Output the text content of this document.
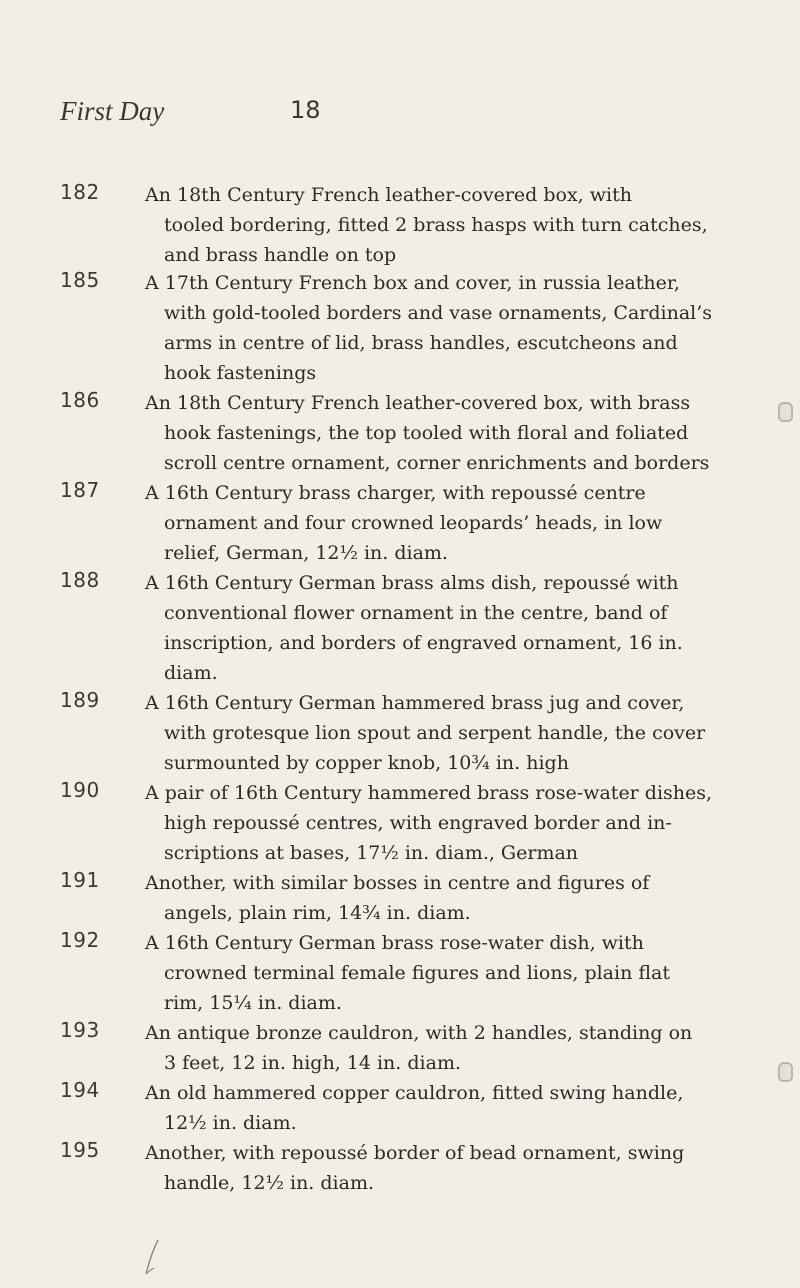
First Day	18
182 An 18th Century French leather-covered box, with
tooled bordering, fitted 2 brass hasps with turn catches,
and brass handle on top
185 A 17th Century French box and cover, in russia leather,
with gold-tooled borders and vase ornaments, Cardinal’s
arms in centre of lid, brass handles, escutcheons and
hook fastenings
186 An 18th Century French leather-covered box, with brass
hook fastenings, the top tooled with floral and foliated
scroll centre ornament, corner enrichments and borders
187 A 16th Century brass charger, with repoussé centre
ornament and four crowned leopards’ heads, in low
relief, German, 12½ in. diam.
188 A 16th Century German brass alms dish, repoussé with
conventional flower ornament in the centre, band of
inscription, and borders of engraved ornament, 16 in.
diam.
189 A 16th Century German hammered brass jug and cover,
with grotesque lion spout and serpent handle, the cover
surmounted by copper knob, 10¾ in. high
190 A pair of 16th Century hammered brass rose-water dishes,
high repoussé centres, with engraved border and in-
scriptions at bases, 17½ in. diam., German
191 Another, with similar bosses in centre and figures of
angels, plain rim, 14¾ in. diam.
192 A 16th Century German brass rose-water dish, with
crowned terminal female figures and lions, plain flat
rim, 15¼ in. diam.
193 An antique bronze cauldron, with 2 handles, standing on
3 feet, 12 in. high, 14 in. diam.
194 An old hammered copper cauldron, fitted swing handle,
12½ in. diam.
195 Another, with repoussé border of bead ornament, swing
handle, 12½ in. diam.
